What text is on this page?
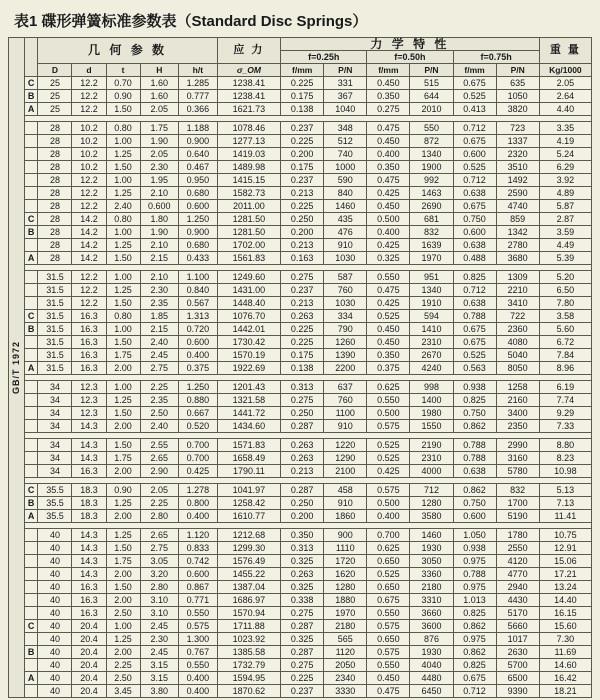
表1 碟形弹簧标准参数表（Standard Disc Springs）
GB/T 1972		几 何 参 数					应 力	力 学 特 性						重 量
								f=0.25h		f=0.50h		f=0.75h		
		D	d	t	H	h/t	σ_OM	f/mm	P/N	f/mm	P/N	f/mm	P/N	Kg/1000
	C	25	12.2	0.70	1.60	1.285	1238.41	0.225	331	0.450	515	0.675	635	2.05
	B	25	12.2	0.90	1.60	0.777	1238.41	0.175	367	0.350	644	0.525	1050	2.64
	A	25	12.2	1.50	2.05	0.366	1621.73	0.138	1040	0.275	2010	0.413	3820	4.40

		28	10.2	0.80	1.75	1.188	1078.46	0.237	348	0.475	550	0.712	723	3.35
		28	10.2	1.00	1.90	0.900	1277.13	0.225	512	0.450	872	0.675	1337	4.19
		28	10.2	1.25	2.05	0.640	1419.03	0.200	740	0.400	1340	0.600	2320	5.24
		28	10.2	1.50	2.30	0.467	1489.98	0.175	1000	0.350	1900	0.525	3510	6.29
		28	12.2	1.00	1.95	0.950	1415.15	0.237	590	0.475	992	0.712	1492	3.92
		28	12.2	1.25	2.10	0.680	1582.73	0.213	840	0.425	1463	0.638	2590	4.89
		28	12.2	2.40	0.600	0.600	2011.00	0.225	1460	0.450	2690	0.675	4740	5.87
	C	28	14.2	0.80	1.80	1.250	1281.50	0.250	435	0.500	681	0.750	859	2.87
	B	28	14.2	1.00	1.90	0.900	1281.50	0.200	476	0.400	832	0.600	1342	3.59
		28	14.2	1.25	2.10	0.680	1702.00	0.213	910	0.425	1639	0.638	2780	4.49
	A	28	14.2	1.50	2.15	0.433	1561.83	0.163	1030	0.325	1970	0.488	3680	5.39

		31.5	12.2	1.00	2.10	1.100	1249.60	0.275	587	0.550	951	0.825	1309	5.20
		31.5	12.2	1.25	2.30	0.840	1431.00	0.237	760	0.475	1340	0.712	2210	6.50
		31.5	12.2	1.50	2.35	0.567	1448.40	0.213	1030	0.425	1910	0.638	3410	7.80
	C	31.5	16.3	0.80	1.85	1.313	1076.70	0.263	334	0.525	594	0.788	722	3.58
	B	31.5	16.3	1.00	2.15	0.720	1442.01	0.225	790	0.450	1410	0.675	2360	5.60
		31.5	16.3	1.50	2.40	0.600	1730.42	0.225	1260	0.450	2310	0.675	4080	6.72
		31.5	16.3	1.75	2.45	0.400	1570.19	0.175	1390	0.350	2670	0.525	5040	7.84
	A	31.5	16.3	2.00	2.75	0.375	1922.69	0.138	2200	0.375	4240	0.563	8050	8.96

		34	12.3	1.00	2.25	1.250	1201.43	0.313	637	0.625	998	0.938	1258	6.19
		34	12.3	1.25	2.35	0.880	1321.58	0.275	760	0.550	1400	0.825	2160	7.74
		34	12.3	1.50	2.50	0.667	1441.72	0.250	1100	0.500	1980	0.750	3400	9.29
		34	14.3	2.00	2.40	0.520	1434.60	0.287	910	0.575	1550	0.862	2350	7.33

		34	14.3	1.50	2.55	0.700	1571.83	0.263	1220	0.525	2190	0.788	2990	8.80
		34	14.3	1.75	2.65	0.700	1658.49	0.263	1290	0.525	2310	0.788	3160	8.23
		34	16.3	2.00	2.90	0.425	1790.11	0.213	2100	0.425	4000	0.638	5780	10.98

	C	35.5	18.3	0.90	2.05	1.278	1041.97	0.287	458	0.575	712	0.862	832	5.13
	B	35.5	18.3	1.25	2.25	0.800	1258.42	0.250	910	0.500	1280	0.750	1700	7.13
	A	35.5	18.3	2.00	2.80	0.400	1610.77	0.200	1860	0.400	3580	0.600	5190	11.41

		40	14.3	1.25	2.65	1.120	1212.68	0.350	900	0.700	1460	1.050	1780	10.75
		40	14.3	1.50	2.75	0.833	1299.30	0.313	1110	0.625	1930	0.938	2550	12.91
		40	14.3	1.75	3.05	0.742	1576.49	0.325	1720	0.650	3050	0.975	4120	15.06
		40	14.3	2.00	3.20	0.600	1455.22	0.263	1620	0.525	3360	0.788	4770	17.21
		40	16.3	1.50	2.80	0.867	1387.04	0.325	1280	0.650	2180	0.975	2940	13.24
		40	16.3	2.00	3.10	0.771	1686.97	0.338	1880	0.675	3310	1.013	4430	14.40
		40	16.3	2.50	3.10	0.550	1570.94	0.275	1970	0.550	3660	0.825	5170	16.15
	C	40	20.4	1.00	2.45	0.575	1711.88	0.287	2180	0.575	3600	0.862	5660	15.60
		40	20.4	1.25	2.30	1.300	1023.92	0.325	565	0.650	876	0.975	1017	7.30
	B	40	20.4	2.00	2.45	0.767	1385.58	0.287	1120	0.575	1930	0.862	2630	11.69
		40	20.4	2.25	3.15	0.550	1732.79	0.275	2050	0.550	4040	0.825	5700	14.60
	A	40	20.4	2.50	3.15	0.400	1594.95	0.225	2340	0.450	4480	0.675	6500	16.42
		40	20.4	3.45	3.80	0.400	1870.62	0.237	3330	0.475	6450	0.712	9390	18.21
